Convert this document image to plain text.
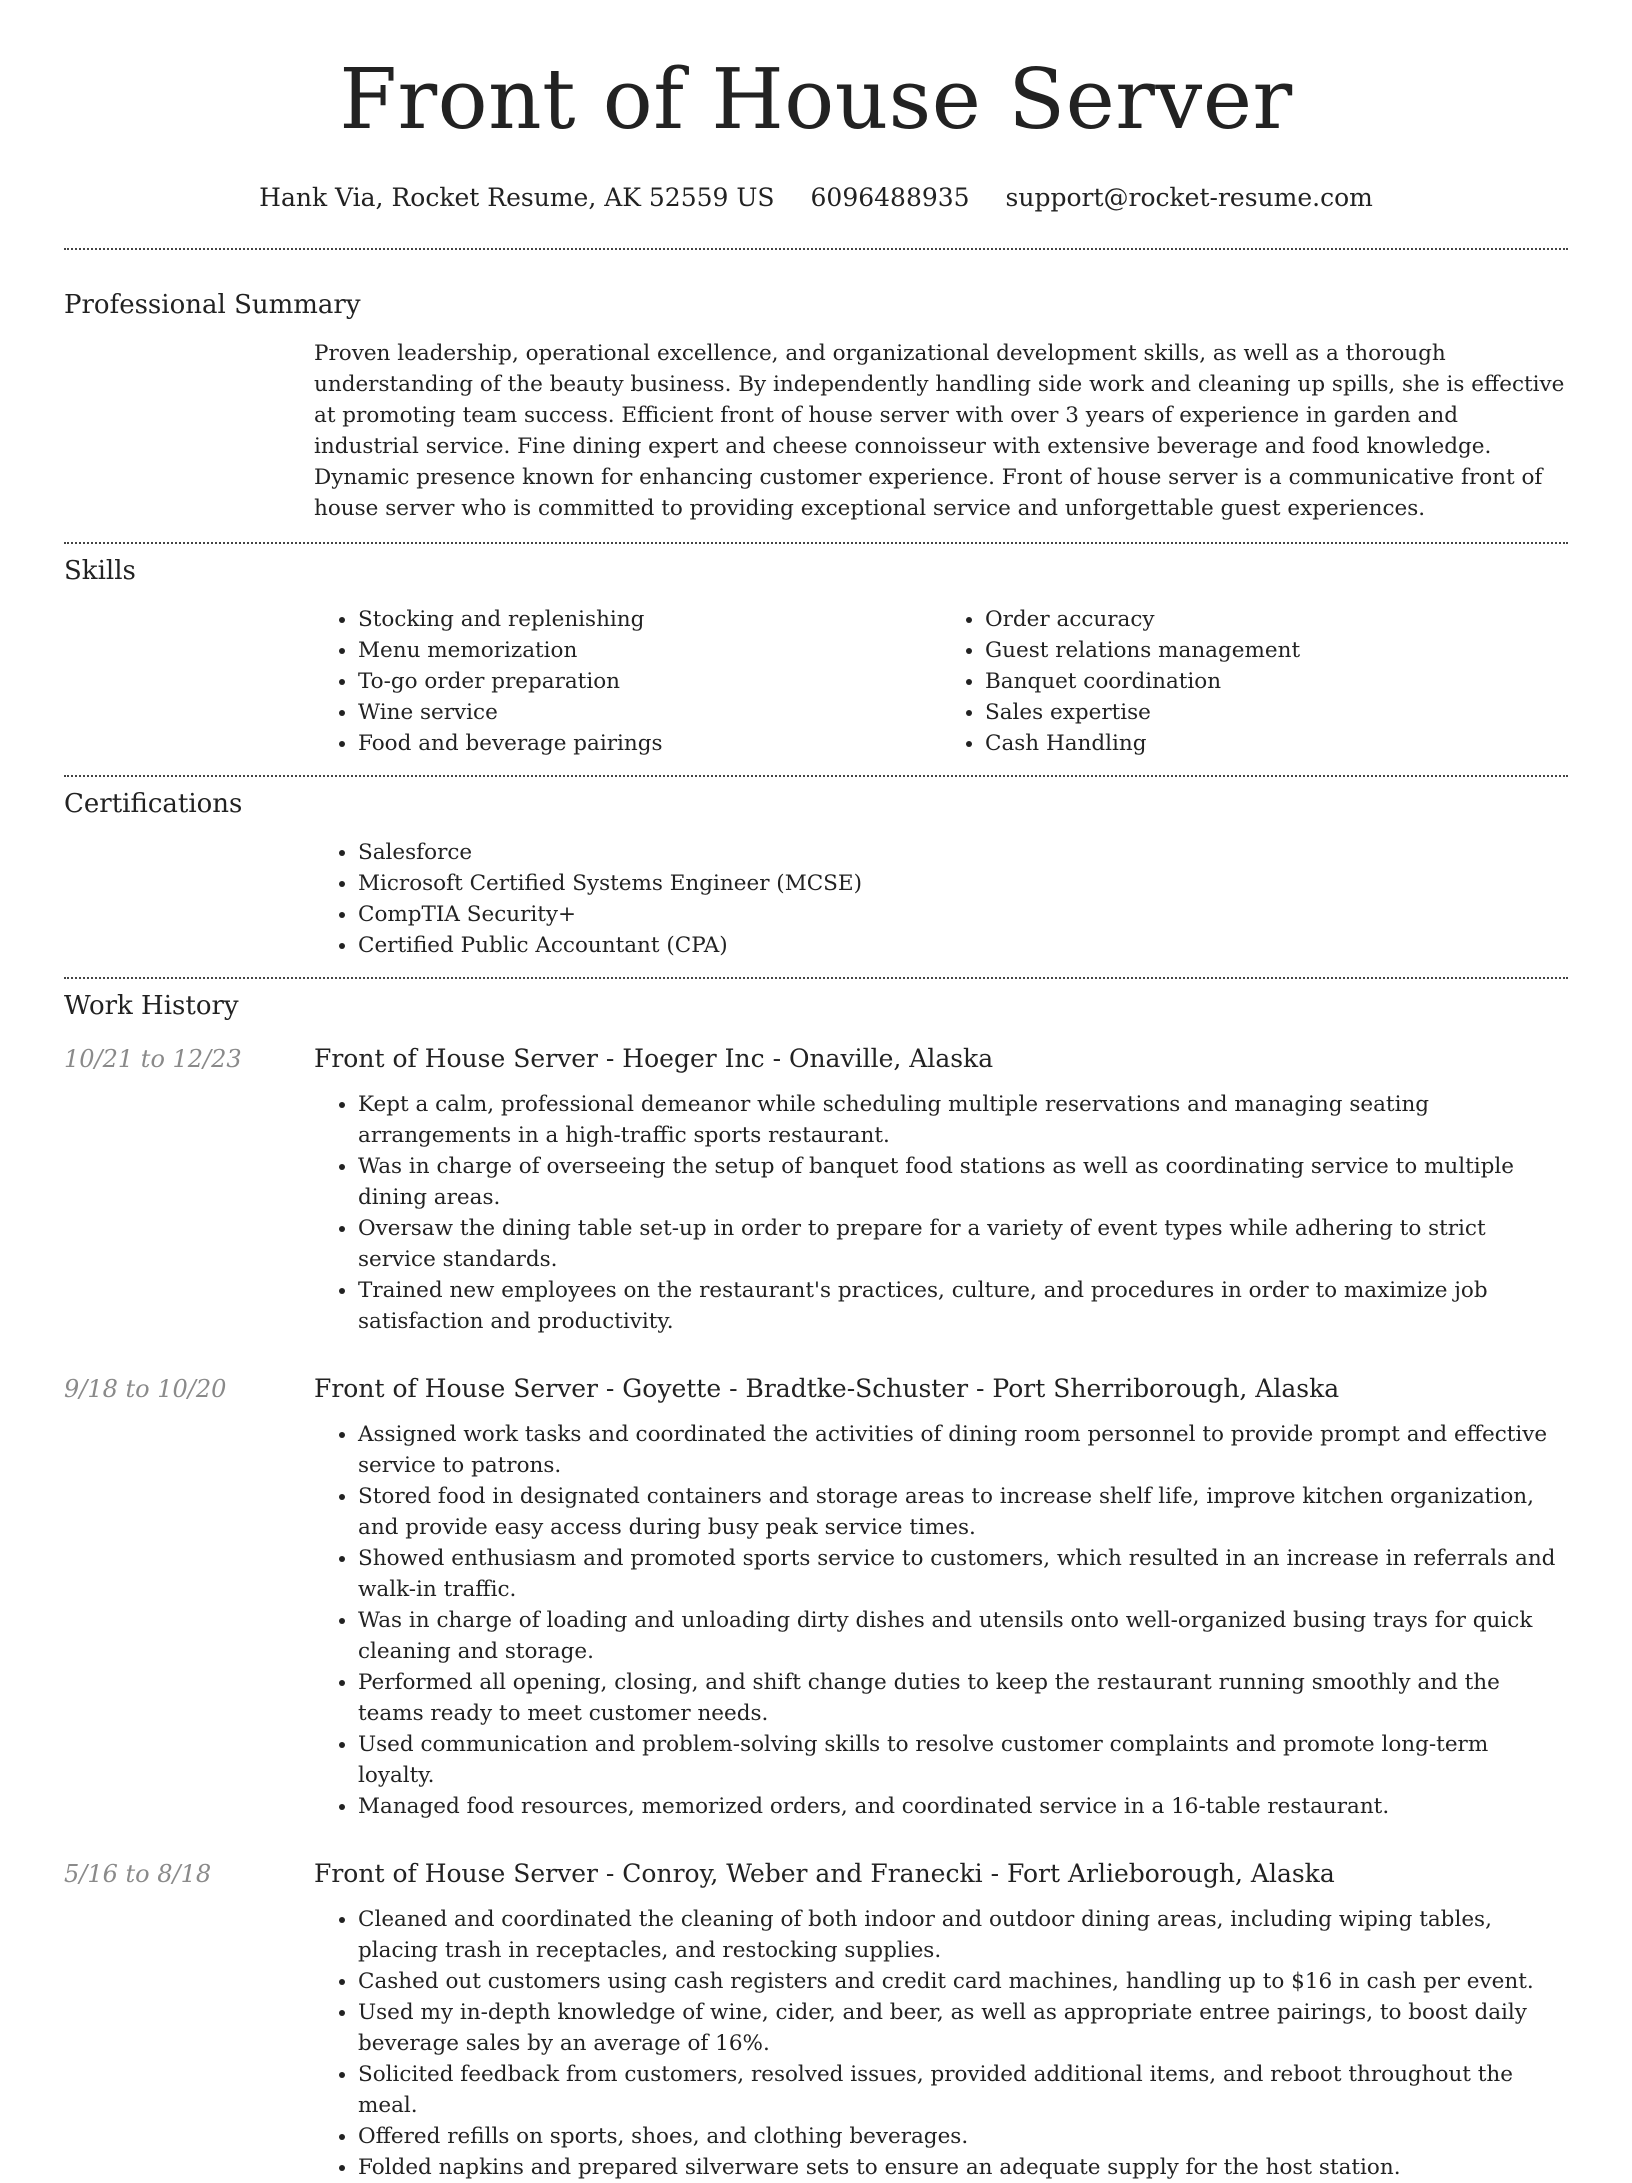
Front of House Server
Hank Via, Rocket Resume, AK 52559 US 6096488935 support@rocket-resume.com
Professional Summary
Proven leadership, operational excellence, and organizational development skills, as well as a thorough understanding of the beauty business. By independently handling side work and cleaning up spills, she is effective at promoting team success. Efficient front of house server with over 3 years of experience in garden and industrial service. Fine dining expert and cheese connoisseur with extensive beverage and food knowledge. Dynamic presence known for enhancing customer experience. Front of house server is a communicative front of house server who is committed to providing exceptional service and unforgettable guest experiences.
Skills
• Stocking and replenishing
• Menu memorization
• To-go order preparation
• Wine service
• Food and beverage pairings
• Order accuracy
• Guest relations management
• Banquet coordination
• Sales expertise
• Cash Handling
Certifications
• Salesforce
• Microsoft Certified Systems Engineer (MCSE)
• CompTIA Security+
• Certified Public Accountant (CPA)
Work History
10/21 to 12/23	Front of House Server - Hoeger Inc - Onaville, Alaska
• Kept a calm, professional demeanor while scheduling multiple reservations and managing seating arrangements in a high-traffic sports restaurant.
• Was in charge of overseeing the setup of banquet food stations as well as coordinating service to multiple dining areas.
• Oversaw the dining table set-up in order to prepare for a variety of event types while adhering to strict service standards.
• Trained new employees on the restaurant's practices, culture, and procedures in order to maximize job satisfaction and productivity.
9/18 to 10/20	Front of House Server - Goyette - Bradtke-Schuster - Port Sherriborough, Alaska
• Assigned work tasks and coordinated the activities of dining room personnel to provide prompt and effective service to patrons.
• Stored food in designated containers and storage areas to increase shelf life, improve kitchen organization, and provide easy access during busy peak service times.
• Showed enthusiasm and promoted sports service to customers, which resulted in an increase in referrals and walk-in traffic.
• Was in charge of loading and unloading dirty dishes and utensils onto well-organized busing trays for quick cleaning and storage.
• Performed all opening, closing, and shift change duties to keep the restaurant running smoothly and the teams ready to meet customer needs.
• Used communication and problem-solving skills to resolve customer complaints and promote long-term loyalty.
• Managed food resources, memorized orders, and coordinated service in a 16-table restaurant.
5/16 to 8/18	Front of House Server - Conroy, Weber and Franecki - Fort Arlieborough, Alaska
• Cleaned and coordinated the cleaning of both indoor and outdoor dining areas, including wiping tables, placing trash in receptacles, and restocking supplies.
• Cashed out customers using cash registers and credit card machines, handling up to $16 in cash per event.
• Used my in-depth knowledge of wine, cider, and beer, as well as appropriate entree pairings, to boost daily beverage sales by an average of 16%.
• Solicited feedback from customers, resolved issues, provided additional items, and reboot throughout the meal.
• Offered refills on sports, shoes, and clothing beverages.
• Folded napkins and prepared silverware sets to ensure an adequate supply for the host station.
